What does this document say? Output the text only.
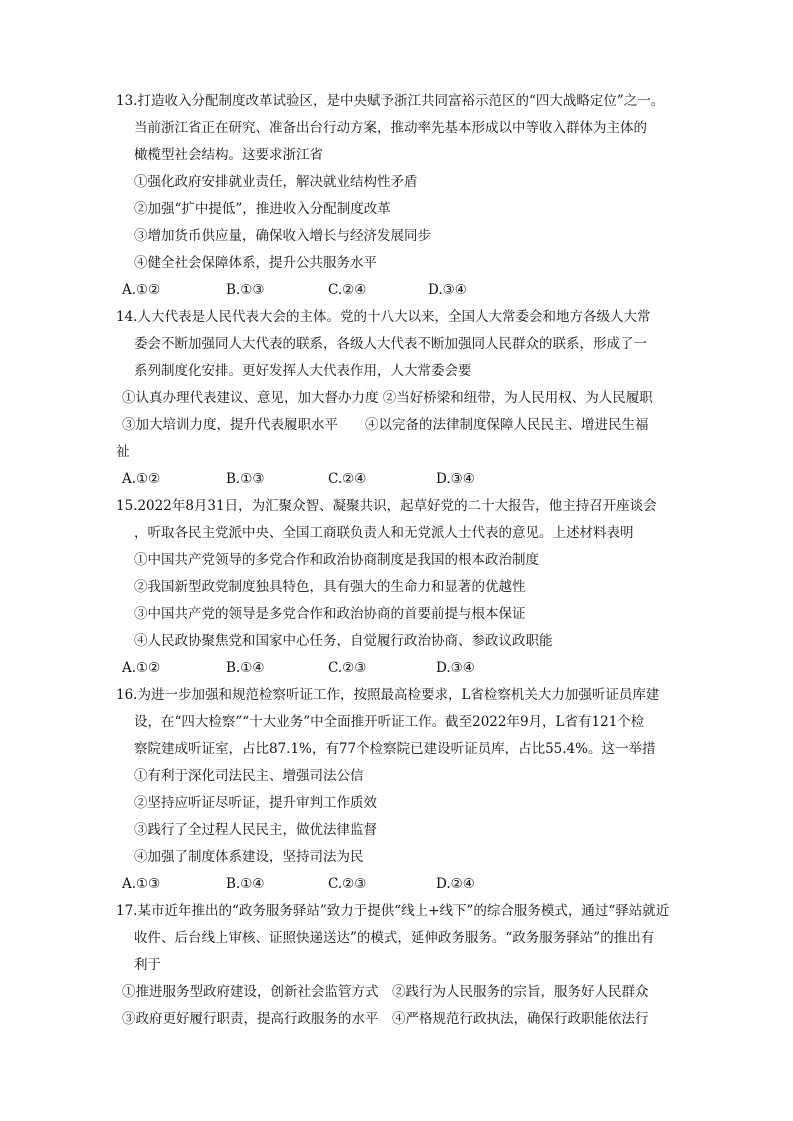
13.打造收入分配制度改革试验区，是中央赋予浙江共同富裕示范区的“四大战略定位”之一。
当前浙江省正在研究、准备出台行动方案，推动率先基本形成以中等收入群体为主体的
橄榄型社会结构。这要求浙江省
①强化政府安排就业责任，解决就业结构性矛盾
②加强“扩中提低”，推进收入分配制度改革
③增加货币供应量，确保收入增长与经济发展同步
④健全社会保障体系，提升公共服务水平
A.①②	B.①③	C.②④	D.③④
14.人大代表是人民代表大会的主体。党的十八大以来，全国人大常委会和地方各级人大常
委会不断加强同人大代表的联系，各级人大代表不断加强同人民群众的联系，形成了一
系列制度化安排。更好发挥人大代表作用，人大常委会要
①认真办理代表建议、意见，加大督办力度 ②当好桥梁和纽带，为人民用权、为人民履职
③加大培训力度，提升代表履职水平　　④以完备的法律制度保障人民民主、增进民生福
祉
A.①②	B.①③	C.②④	D.③④
15.2022年8月31日，为汇聚众智、凝聚共识，起草好党的二十大报告，他主持召开座谈会
，听取各民主党派中央、全国工商联负责人和无党派人士代表的意见。上述材料表明
①中国共产党领导的多党合作和政治协商制度是我国的根本政治制度
②我国新型政党制度独具特色，具有强大的生命力和显著的优越性
③中国共产党的领导是多党合作和政治协商的首要前提与根本保证
④人民政协聚焦党和国家中心任务，自觉履行政治协商、参政议政职能
A.①②	B.①④	C.②③	D.③④
16.为进一步加强和规范检察听证工作，按照最高检要求，L省检察机关大力加强听证员库建
设，在“四大检察”“十大业务”中全面推开听证工作。截至2022年9月，L省有121个检
察院建成听证室，占比87.1%，有77个检察院已建设听证员库，占比55.4%。这一举措
①有利于深化司法民主、增强司法公信
②坚持应听证尽听证，提升审判工作质效
③践行了全过程人民民主，做优法律监督
④加强了制度体系建设，坚持司法为民
A.①③	B.①④	C.②③	D.②④
17.某市近年推出的“政务服务驿站”致力于提供“线上+线下”的综合服务模式，通过“驿站就近
收件、后台线上审核、证照快递送达”的模式，延伸政务服务。“政务服务驿站”的推出有
利于
①推进服务型政府建设，创新社会监管方式　②践行为人民服务的宗旨，服务好人民群众
③政府更好履行职责，提高行政服务的水平　④严格规范行政执法，确保行政职能依法行
